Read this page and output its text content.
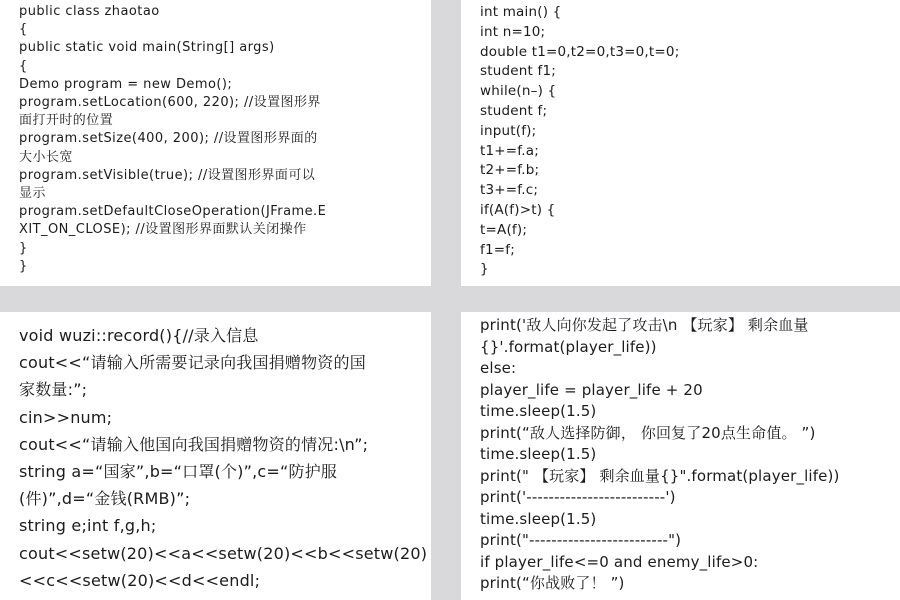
public class zhaotao
{
public static void main(String[] args)
{
Demo program = new Demo();
program.setLocation(600, 220); //设置图形界
面打开时的位置
program.setSize(400, 200); //设置图形界面的
大小长宽
program.setVisible(true); //设置图形界面可以
显示
program.setDefaultCloseOperation(JFrame.E
XIT_ON_CLOSE); //设置图形界面默认关闭操作
}
}
int main() {
int n=10;
double t1=0,t2=0,t3=0,t=0;
student f1;
while(n–) {
student f;
input(f);
t1+=f.a;
t2+=f.b;
t3+=f.c;
if(A(f)>t) {
t=A(f);
f1=f;
}
void wuzi::record(){//录入信息
cout<<“请输入所需要记录向我国捐赠物资的国
家数量:”;
cin>>num;
cout<<“请输入他国向我国捐赠物资的情况:\n”;
string a=“国家”,b=“口罩(个)”,c=“防护服
(件)”,d=“金钱(RMB)”;
string e;int f,g,h;
cout<<setw(20)<<a<<setw(20)<<b<<setw(20)
<<c<<setw(20)<<d<<endl;
print('敌人向你发起了攻击\n 【玩家】 剩余血量
{}'.format(player_life))
else:
player_life = player_life + 20
time.sleep(1.5)
print(“敌人选择防御， 你回复了20点生命值。 ”)
time.sleep(1.5)
print(" 【玩家】 剩余血量{}".format(player_life))
print('-------------------------')
time.sleep(1.5)
print("-------------------------")
if player_life<=0 and enemy_life>0:
print(“你战败了！ ”)
